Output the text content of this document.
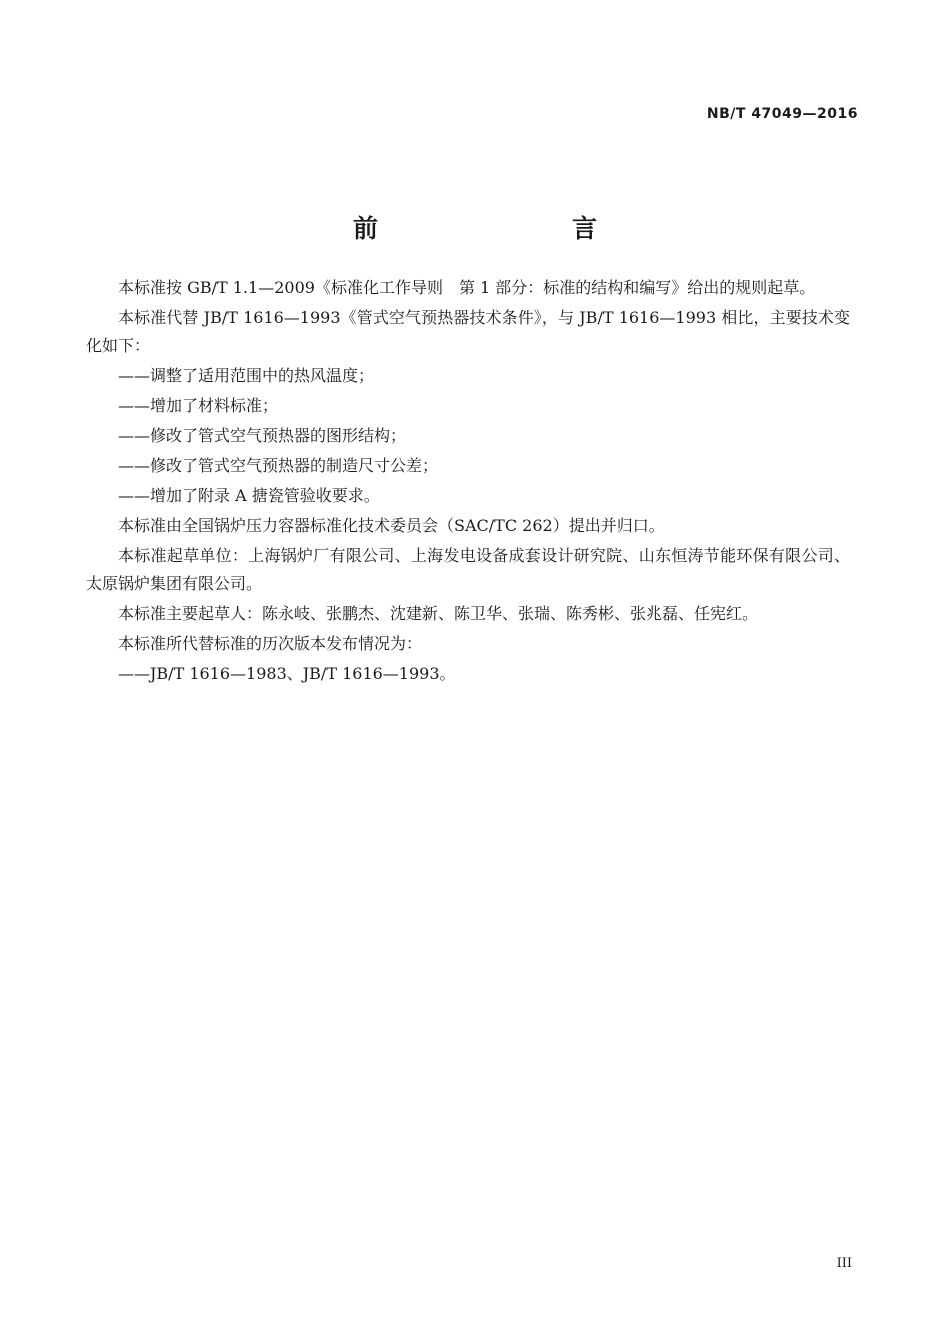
NB/T 47049—2016
前　　言

本标准按 GB/T 1.1—2009《标准化工作导则　第 1 部分：标准的结构和编写》给出的规则起草。

本标准代替 JB/T 1616—1993《管式空气预热器技术条件》，与 JB/T 1616—1993 相比，主要技术变化如下：

——调整了适用范围中的热风温度；

——增加了材料标准；

——修改了管式空气预热器的图形结构；

——修改了管式空气预热器的制造尺寸公差；

——增加了附录 A 搪瓷管验收要求。

本标准由全国锅炉压力容器标准化技术委员会（SAC/TC 262）提出并归口。

本标准起草单位：上海锅炉厂有限公司、上海发电设备成套设计研究院、山东恒涛节能环保有限公司、太原锅炉集团有限公司。

本标准主要起草人：陈永岐、张鹏杰、沈建新、陈卫华、张瑞、陈秀彬、张兆磊、任宪红。

本标准所代替标准的历次版本发布情况为：

——JB/T 1616—1983、JB/T 1616—1993。

III
